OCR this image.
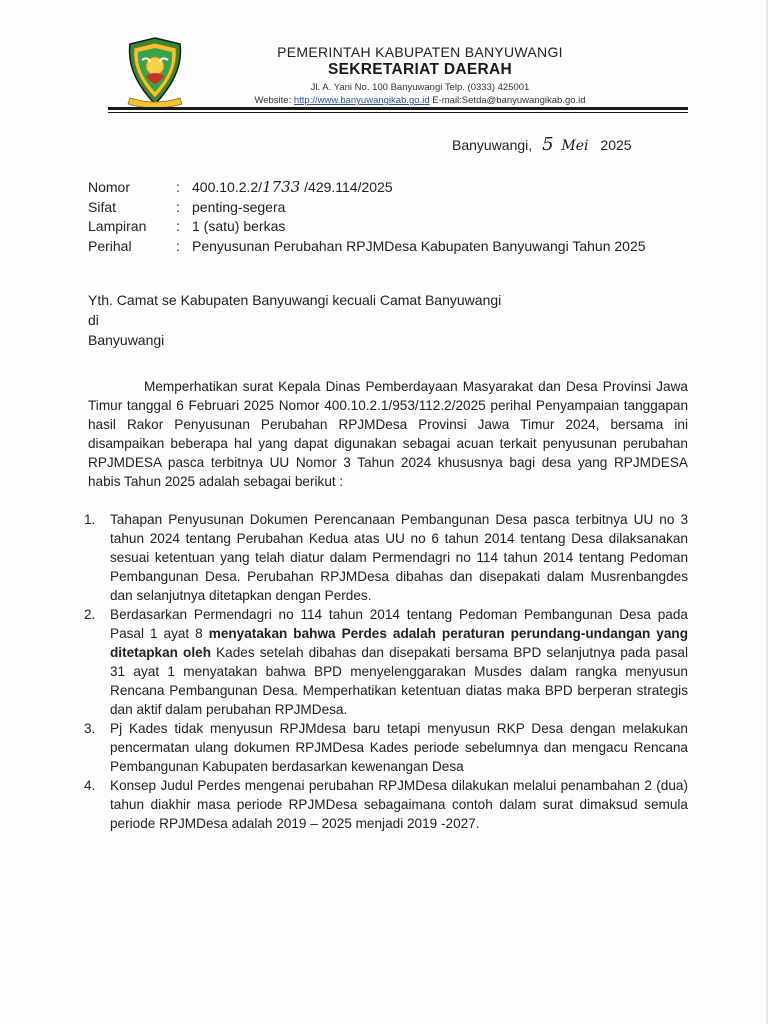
PEMERINTAH KABUPATEN BANYUWANGI
SEKRETARIAT DAERAH
Jl. A. Yani No. 100 Banyuwangi Telp. (0333) 425001
Website: http://www.banyuwangikab.go.id E-mail:Setda@banyuwangikab.go.id
Banyuwangi, 5 Mei 2025
Nomor	: 400.10.2.2/1733 /429.114/2025
Sifat	: penting-segera
Lampiran	: 1 (satu) berkas
Perihal	: Penyusunan Perubahan RPJMDesa Kabupaten Banyuwangi Tahun 2025
Yth. Camat se Kabupaten Banyuwangi kecuali Camat Banyuwangi
di
Banyuwangi

Memperhatikan surat Kepala Dinas Pemberdayaan Masyarakat dan Desa Provinsi Jawa Timur tanggal 6 Februari 2025 Nomor 400.10.2.1/953/112.2/2025 perihal Penyampaian tanggapan hasil Rakor Penyusunan Perubahan RPJMDesa Provinsi Jawa Timur 2024, bersama ini disampaikan beberapa hal yang dapat digunakan sebagai acuan terkait penyusunan perubahan RPJMDESA pasca terbitnya UU Nomor 3 Tahun 2024 khususnya bagi desa yang RPJMDESA habis Tahun 2025 adalah sebagai berikut :

1.	Tahapan Penyusunan Dokumen Perencanaan Pembangunan Desa pasca terbitnya UU no 3 tahun 2024 tentang Perubahan Kedua atas UU no 6 tahun 2014 tentang Desa dilaksanakan sesuai ketentuan yang telah diatur dalam Permendagri no 114 tahun 2014 tentang Pedoman Pembangunan Desa. Perubahan RPJMDesa dibahas dan disepakati dalam Musrenbangdes dan selanjutnya ditetapkan dengan Perdes.
2.	Berdasarkan Permendagri no 114 tahun 2014 tentang Pedoman Pembangunan Desa pada Pasal 1 ayat 8 menyatakan bahwa Perdes adalah peraturan perundang-undangan yang ditetapkan oleh Kades setelah dibahas dan disepakati bersama BPD selanjutnya pada pasal 31 ayat 1 menyatakan bahwa BPD menyelenggarakan Musdes dalam rangka menyusun Rencana Pembangunan Desa. Memperhatikan ketentuan diatas maka BPD berperan strategis dan aktif dalam perubahan RPJMDesa.
3.	Pj Kades tidak menyusun RPJMdesa baru tetapi menyusun RKP Desa dengan melakukan pencermatan ulang dokumen RPJMDesa Kades periode sebelumnya dan mengacu Rencana Pembangunan Kabupaten berdasarkan kewenangan Desa
4.	Konsep Judul Perdes mengenai perubahan RPJMDesa dilakukan melalui penambahan 2 (dua) tahun diakhir masa periode RPJMDesa sebagaimana contoh dalam surat dimaksud semula periode RPJMDesa adalah 2019 – 2025 menjadi 2019 -2027.
